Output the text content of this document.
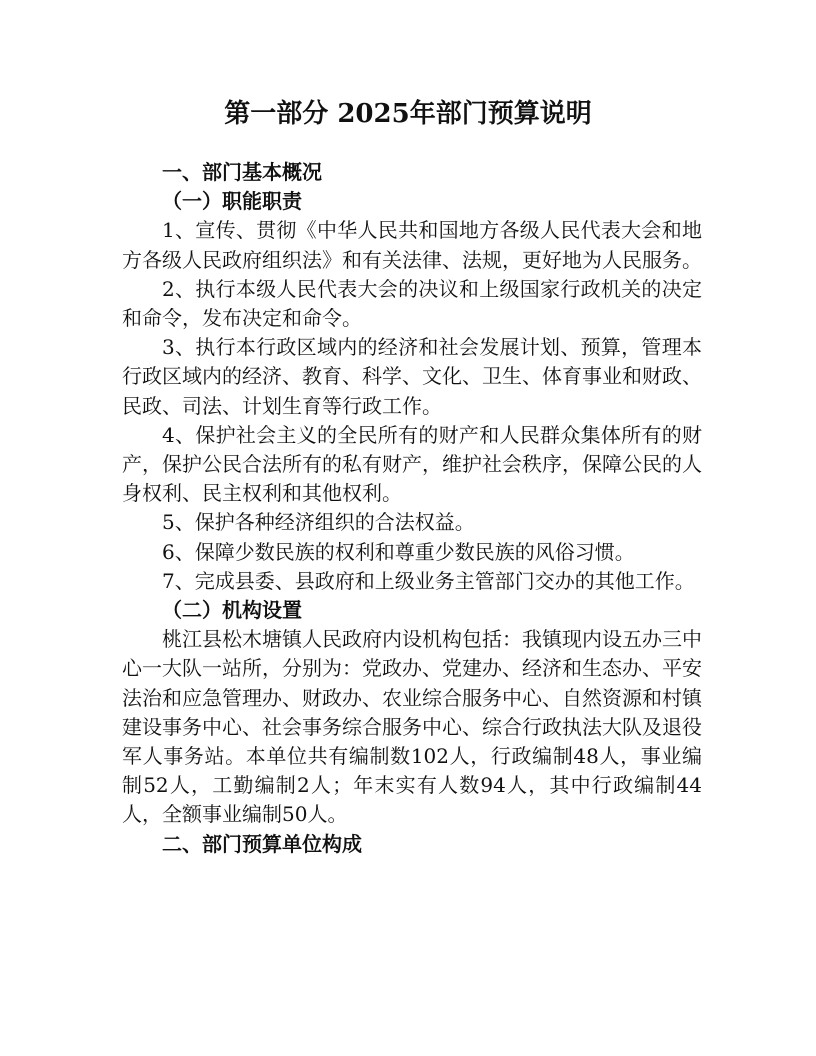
第一部分 2025年部门预算说明
一、部门基本概况
（一）职能职责

1、宣传、贯彻《中华人民共和国地方各级人民代表大会和地方各级人民政府组织法》和有关法律、法规，更好地为人民服务。

2、执行本级人民代表大会的决议和上级国家行政机关的决定和命令，发布决定和命令。

3、执行本行政区域内的经济和社会发展计划、预算，管理本行政区域内的经济、教育、科学、文化、卫生、体育事业和财政、民政、司法、计划生育等行政工作。

4、保护社会主义的全民所有的财产和人民群众集体所有的财产，保护公民合法所有的私有财产，维护社会秩序，保障公民的人身权利、民主权利和其他权利。

5、保护各种经济组织的合法权益。

6、保障少数民族的权利和尊重少数民族的风俗习惯。

7、完成县委、县政府和上级业务主管部门交办的其他工作。

（二）机构设置

桃江县松木塘镇人民政府内设机构包括：我镇现内设五办三中心一大队一站所，分别为：党政办、党建办、经济和生态办、平安法治和应急管理办、财政办、农业综合服务中心、自然资源和村镇建设事务中心、社会事务综合服务中心、综合行政执法大队及退役军人事务站。本单位共有编制数102人，行政编制48人，事业编制52人，工勤编制2人；年末实有人数94人，其中行政编制44人，全额事业编制50人。

二、部门预算单位构成
